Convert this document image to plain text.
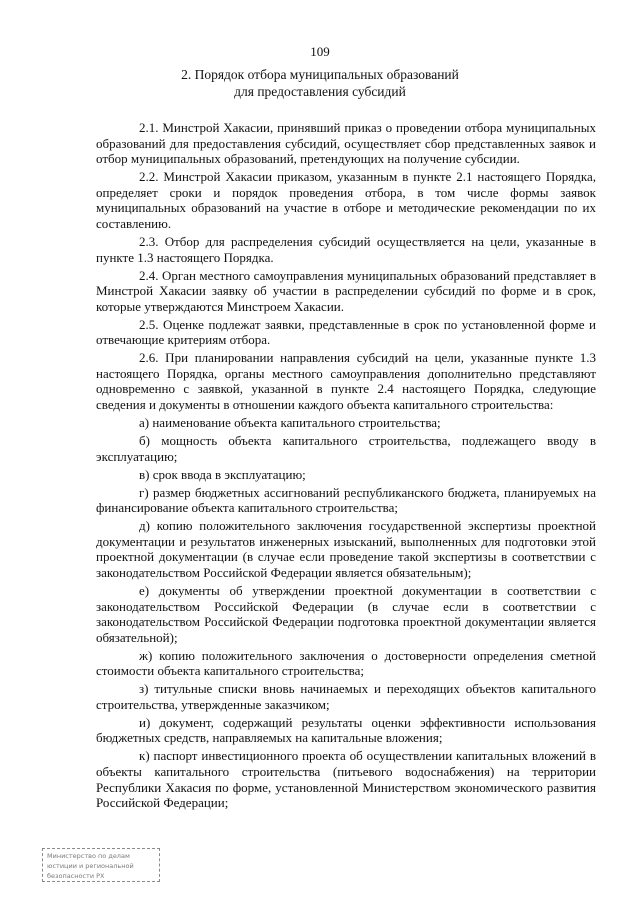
109
2. Порядок отбора муниципальных образований
для предоставления субсидий

2.1. Минстрой Хакасии, принявший приказ о проведении отбора муниципальных образований для предоставления субсидий, осуществляет сбор представленных заявок и отбор муниципальных образований, претендующих на получение субсидии.

2.2. Минстрой Хакасии приказом, указанным в пункте 2.1 настоящего Порядка, определяет сроки и порядок проведения отбора, в том числе формы заявок муниципальных образований на участие в отборе и методические рекомендации по их составлению.

2.3. Отбор для распределения субсидий осуществляется на цели, указанные в пункте 1.3 настоящего Порядка.

2.4. Орган местного самоуправления муниципальных образований представляет в Минстрой Хакасии заявку об участии в распределении субсидий по форме и в срок, которые утверждаются Минстроем Хакасии.

2.5. Оценке подлежат заявки, представленные в срок по установленной форме и отвечающие критериям отбора.

2.6. При планировании направления субсидий на цели, указанные пункте 1.3 настоящего Порядка, органы местного самоуправления дополнительно представляют одновременно с заявкой, указанной в пункте 2.4 настоящего Порядка, следующие сведения и документы в отношении каждого объекта капитального строительства:

а) наименование объекта капитального строительства;

б) мощность объекта капитального строительства, подлежащего вводу в эксплуатацию;

в) срок ввода в эксплуатацию;

г) размер бюджетных ассигнований республиканского бюджета, планируемых на финансирование объекта капитального строительства;

д) копию положительного заключения государственной экспертизы проектной документации и результатов инженерных изысканий, выполненных для подготовки этой проектной документации (в случае если проведение такой экспертизы в соответствии с законодательством Российской Федерации является обязательным);

е) документы об утверждении проектной документации в соответствии с законодательством Российской Федерации (в случае если в соответствии с законодательством Российской Федерации подготовка проектной документации является обязательной);

ж) копию положительного заключения о достоверности определения сметной стоимости объекта капитального строительства;

з) титульные списки вновь начинаемых и переходящих объектов капитального строительства, утвержденные заказчиком;

и) документ, содержащий результаты оценки эффективности использования бюджетных средств, направляемых на капитальные вложения;

к) паспорт инвестиционного проекта об осуществлении капитальных вложений в объекты капитального строительства (питьевого водоснабжения) на территории Республики Хакасия по форме, установленной Министерством экономического развития Российской Федерации;

Министерство по делам
юстиции и региональной
безопасности РХ
